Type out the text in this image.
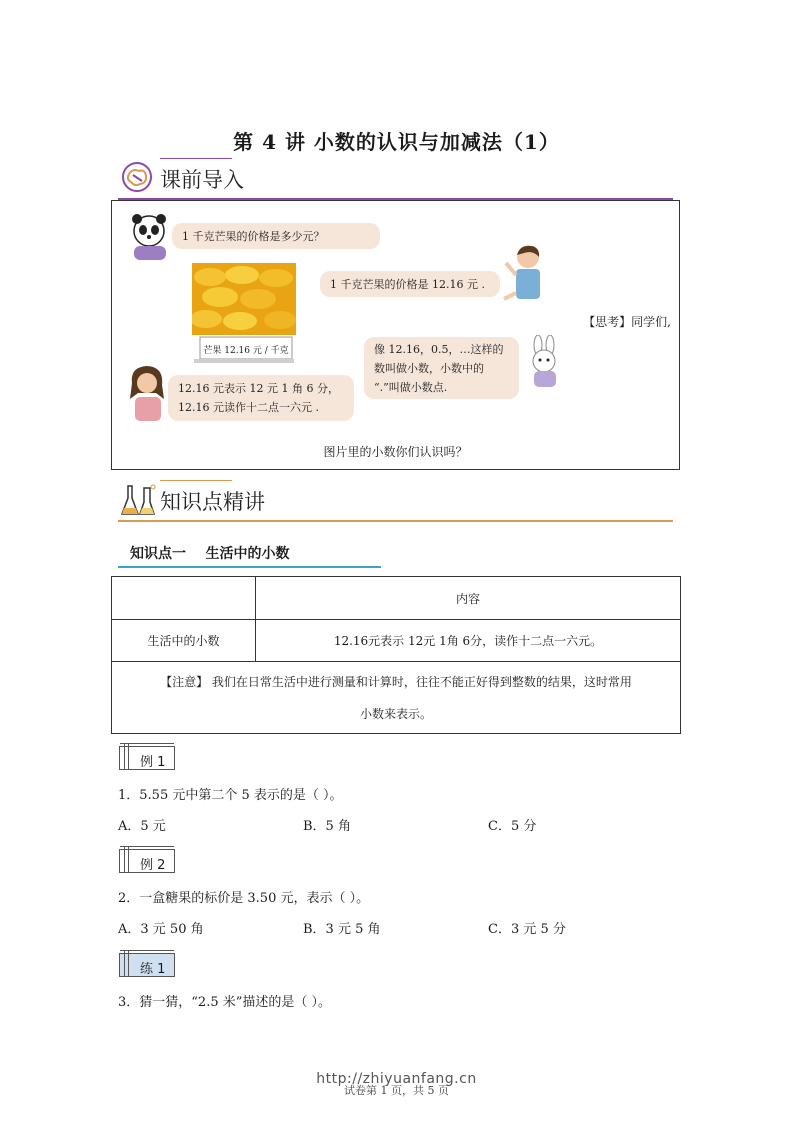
第 4 讲 小数的认识与加减法（1）
课前导入
1 千克芒果的价格是多少元？
芒果 12.16 元 / 千克
1 千克芒果的价格是 12.16 元 .
【思考】同学们,
像 12.16，0.5，…这样的
数叫做小数，小数中的
“.”叫做小数点.
12.16 元表示 12 元 1 角 6 分，
12.16 元读作十二点一六元 .
图片里的小数你们认识吗？
知识点精讲
知识点一    生活中的小数
	内容
生活中的小数	12.16元表示 12元 1角 6分，读作十二点一六元。

【注意】 我们在日常生活中进行测量和计算时，往往不能正好得到整数的结果，这时常用
小数来表示。	
例 1
1．5.55 元中第二个 5 表示的是（ ）。
A．5 元	B．5 角	C．5 分
例 2
2．一盒糖果的标价是 3.50 元，表示（ ）。
A．3 元 50 角	B．3 元 5 角	C．3 元 5 分
练 1
3．猜一猜，“2.5 米”描述的是（ ）。
http://zhiyuanfang.cn
试卷第 1 页，共 5 页
